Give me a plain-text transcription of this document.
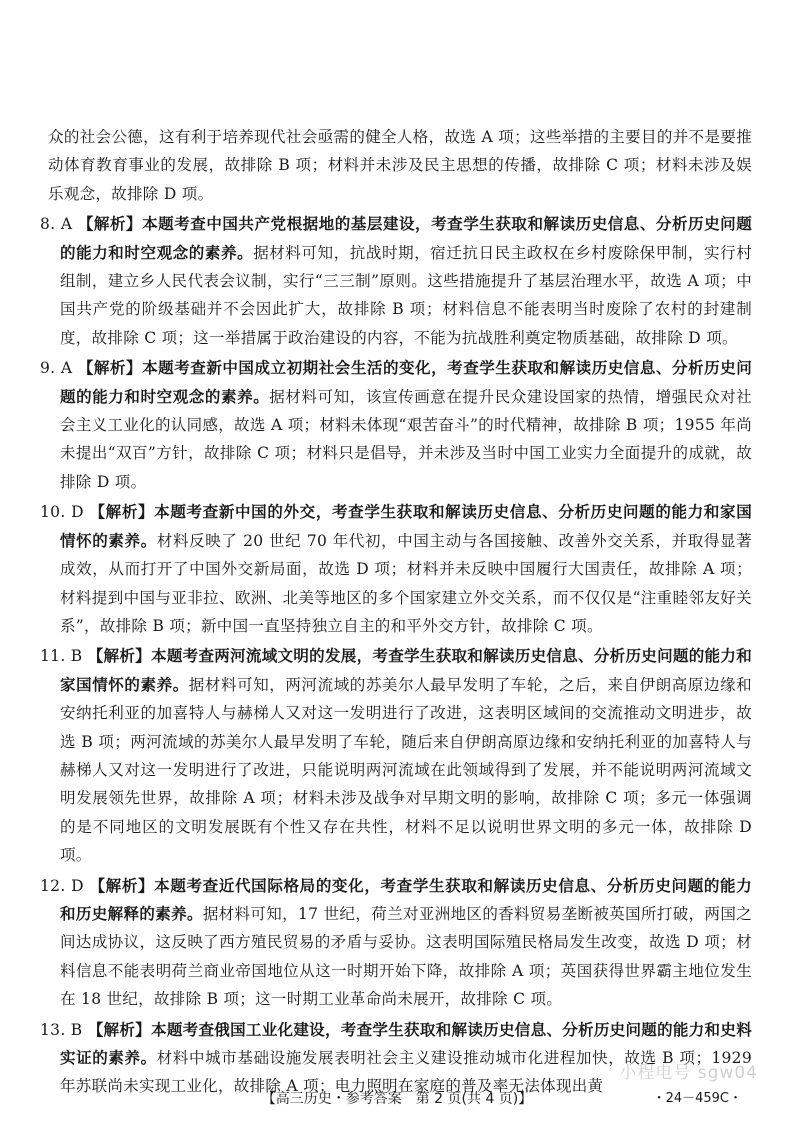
众的社会公德，这有利于培养现代社会亟需的健全人格，故选 A 项；这些举措的主要目的并不是要推动体育教育事业的发展，故排除 B 项；材料并未涉及民主思想的传播，故排除 C 项；材料未涉及娱乐观念，故排除 D 项。

8. A 【解析】本题考查中国共产党根据地的基层建设，考查学生获取和解读历史信息、分析历史问题的能力和时空观念的素养。据材料可知，抗战时期，宿迁抗日民主政权在乡村废除保甲制，实行村组制，建立乡人民代表会议制，实行“三三制”原则。这些措施提升了基层治理水平，故选 A 项；中国共产党的阶级基础并不会因此扩大，故排除 B 项；材料信息不能表明当时废除了农村的封建制度，故排除 C 项；这一举措属于政治建设的内容，不能为抗战胜利奠定物质基础，故排除 D 项。

9. A 【解析】本题考查新中国成立初期社会生活的变化，考查学生获取和解读历史信息、分析历史问题的能力和时空观念的素养。据材料可知，该宣传画意在提升民众建设国家的热情，增强民众对社会主义工业化的认同感，故选 A 项；材料未体现“艰苦奋斗”的时代精神，故排除 B 项；1955 年尚未提出“双百”方针，故排除 C 项；材料只是倡导，并未涉及当时中国工业实力全面提升的成就，故排除 D 项。

10. D 【解析】本题考查新中国的外交，考查学生获取和解读历史信息、分析历史问题的能力和家国情怀的素养。材料反映了 20 世纪 70 年代初，中国主动与各国接触、改善外交关系，并取得显著成效，从而打开了中国外交新局面，故选 D 项；材料并未反映中国履行大国责任，故排除 A 项；材料提到中国与亚非拉、欧洲、北美等地区的多个国家建立外交关系，而不仅仅是“注重睦邻友好关系”，故排除 B 项；新中国一直坚持独立自主的和平外交方针，故排除 C 项。

11. B 【解析】本题考查两河流域文明的发展，考查学生获取和解读历史信息、分析历史问题的能力和家国情怀的素养。据材料可知，两河流域的苏美尔人最早发明了车轮，之后，来自伊朗高原边缘和安纳托利亚的加喜特人与赫梯人又对这一发明进行了改进，这表明区域间的交流推动文明进步，故选 B 项；两河流域的苏美尔人最早发明了车轮，随后来自伊朗高原边缘和安纳托利亚的加喜特人与赫梯人又对这一发明进行了改进，只能说明两河流域在此领域得到了发展，并不能说明两河流域文明发展领先世界，故排除 A 项；材料未涉及战争对早期文明的影响，故排除 C 项；多元一体强调的是不同地区的文明发展既有个性又存在共性，材料不足以说明世界文明的多元一体，故排除 D 项。

12. D 【解析】本题考查近代国际格局的变化，考查学生获取和解读历史信息、分析历史问题的能力和历史解释的素养。据材料可知，17 世纪，荷兰对亚洲地区的香料贸易垄断被英国所打破，两国之间达成协议，这反映了西方殖民贸易的矛盾与妥协。这表明国际殖民格局发生改变，故选 D 项；材料信息不能表明荷兰商业帝国地位从这一时期开始下降，故排除 A 项；英国获得世界霸主地位发生在 18 世纪，故排除 B 项；这一时期工业革命尚未展开，故排除 C 项。

13. B 【解析】本题考查俄国工业化建设，考查学生获取和解读历史信息、分析历史问题的能力和史料实证的素养。材料中城市基础设施发展表明社会主义建设推动城市化进程加快，故选 B 项；1929 年苏联尚未实现工业化，故排除 A 项；电力照明在家庭的普及率无法体现出黄

小程电号 sgw04
【高三历史・参考答案　第 2 页(共 4 页)】	・24－459C・
